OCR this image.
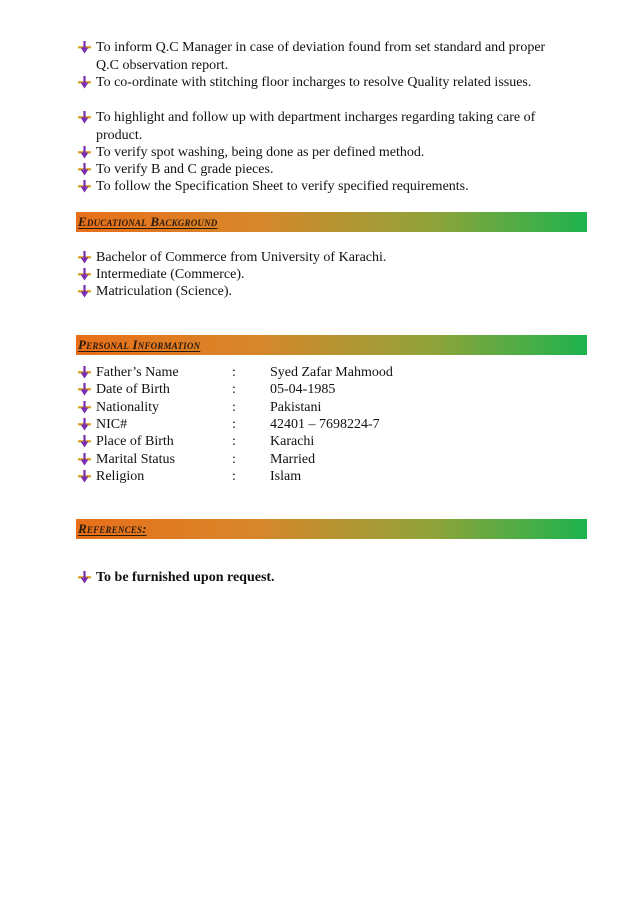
To inform Q.C Manager in case of deviation found from set standard and proper Q.C observation report.
To co-ordinate with stitching floor incharges to resolve Quality related issues.
To highlight and follow up with department incharges regarding taking care of product.
To verify spot washing, being done as per defined method.
To verify B and C grade pieces.
To follow the Specification Sheet to verify specified requirements.
Educational Background
Bachelor of Commerce from University of Karachi.
Intermediate (Commerce).
Matriculation (Science).
Personal Information
Father’s Name	: Syed Zafar Mahmood
Date of Birth	: 05-04-1985
Nationality	: Pakistani
NIC#	: 42401 – 7698224-7
Place of Birth	: Karachi
Marital Status	: Married
Religion	: Islam
References:
To be furnished upon request.
